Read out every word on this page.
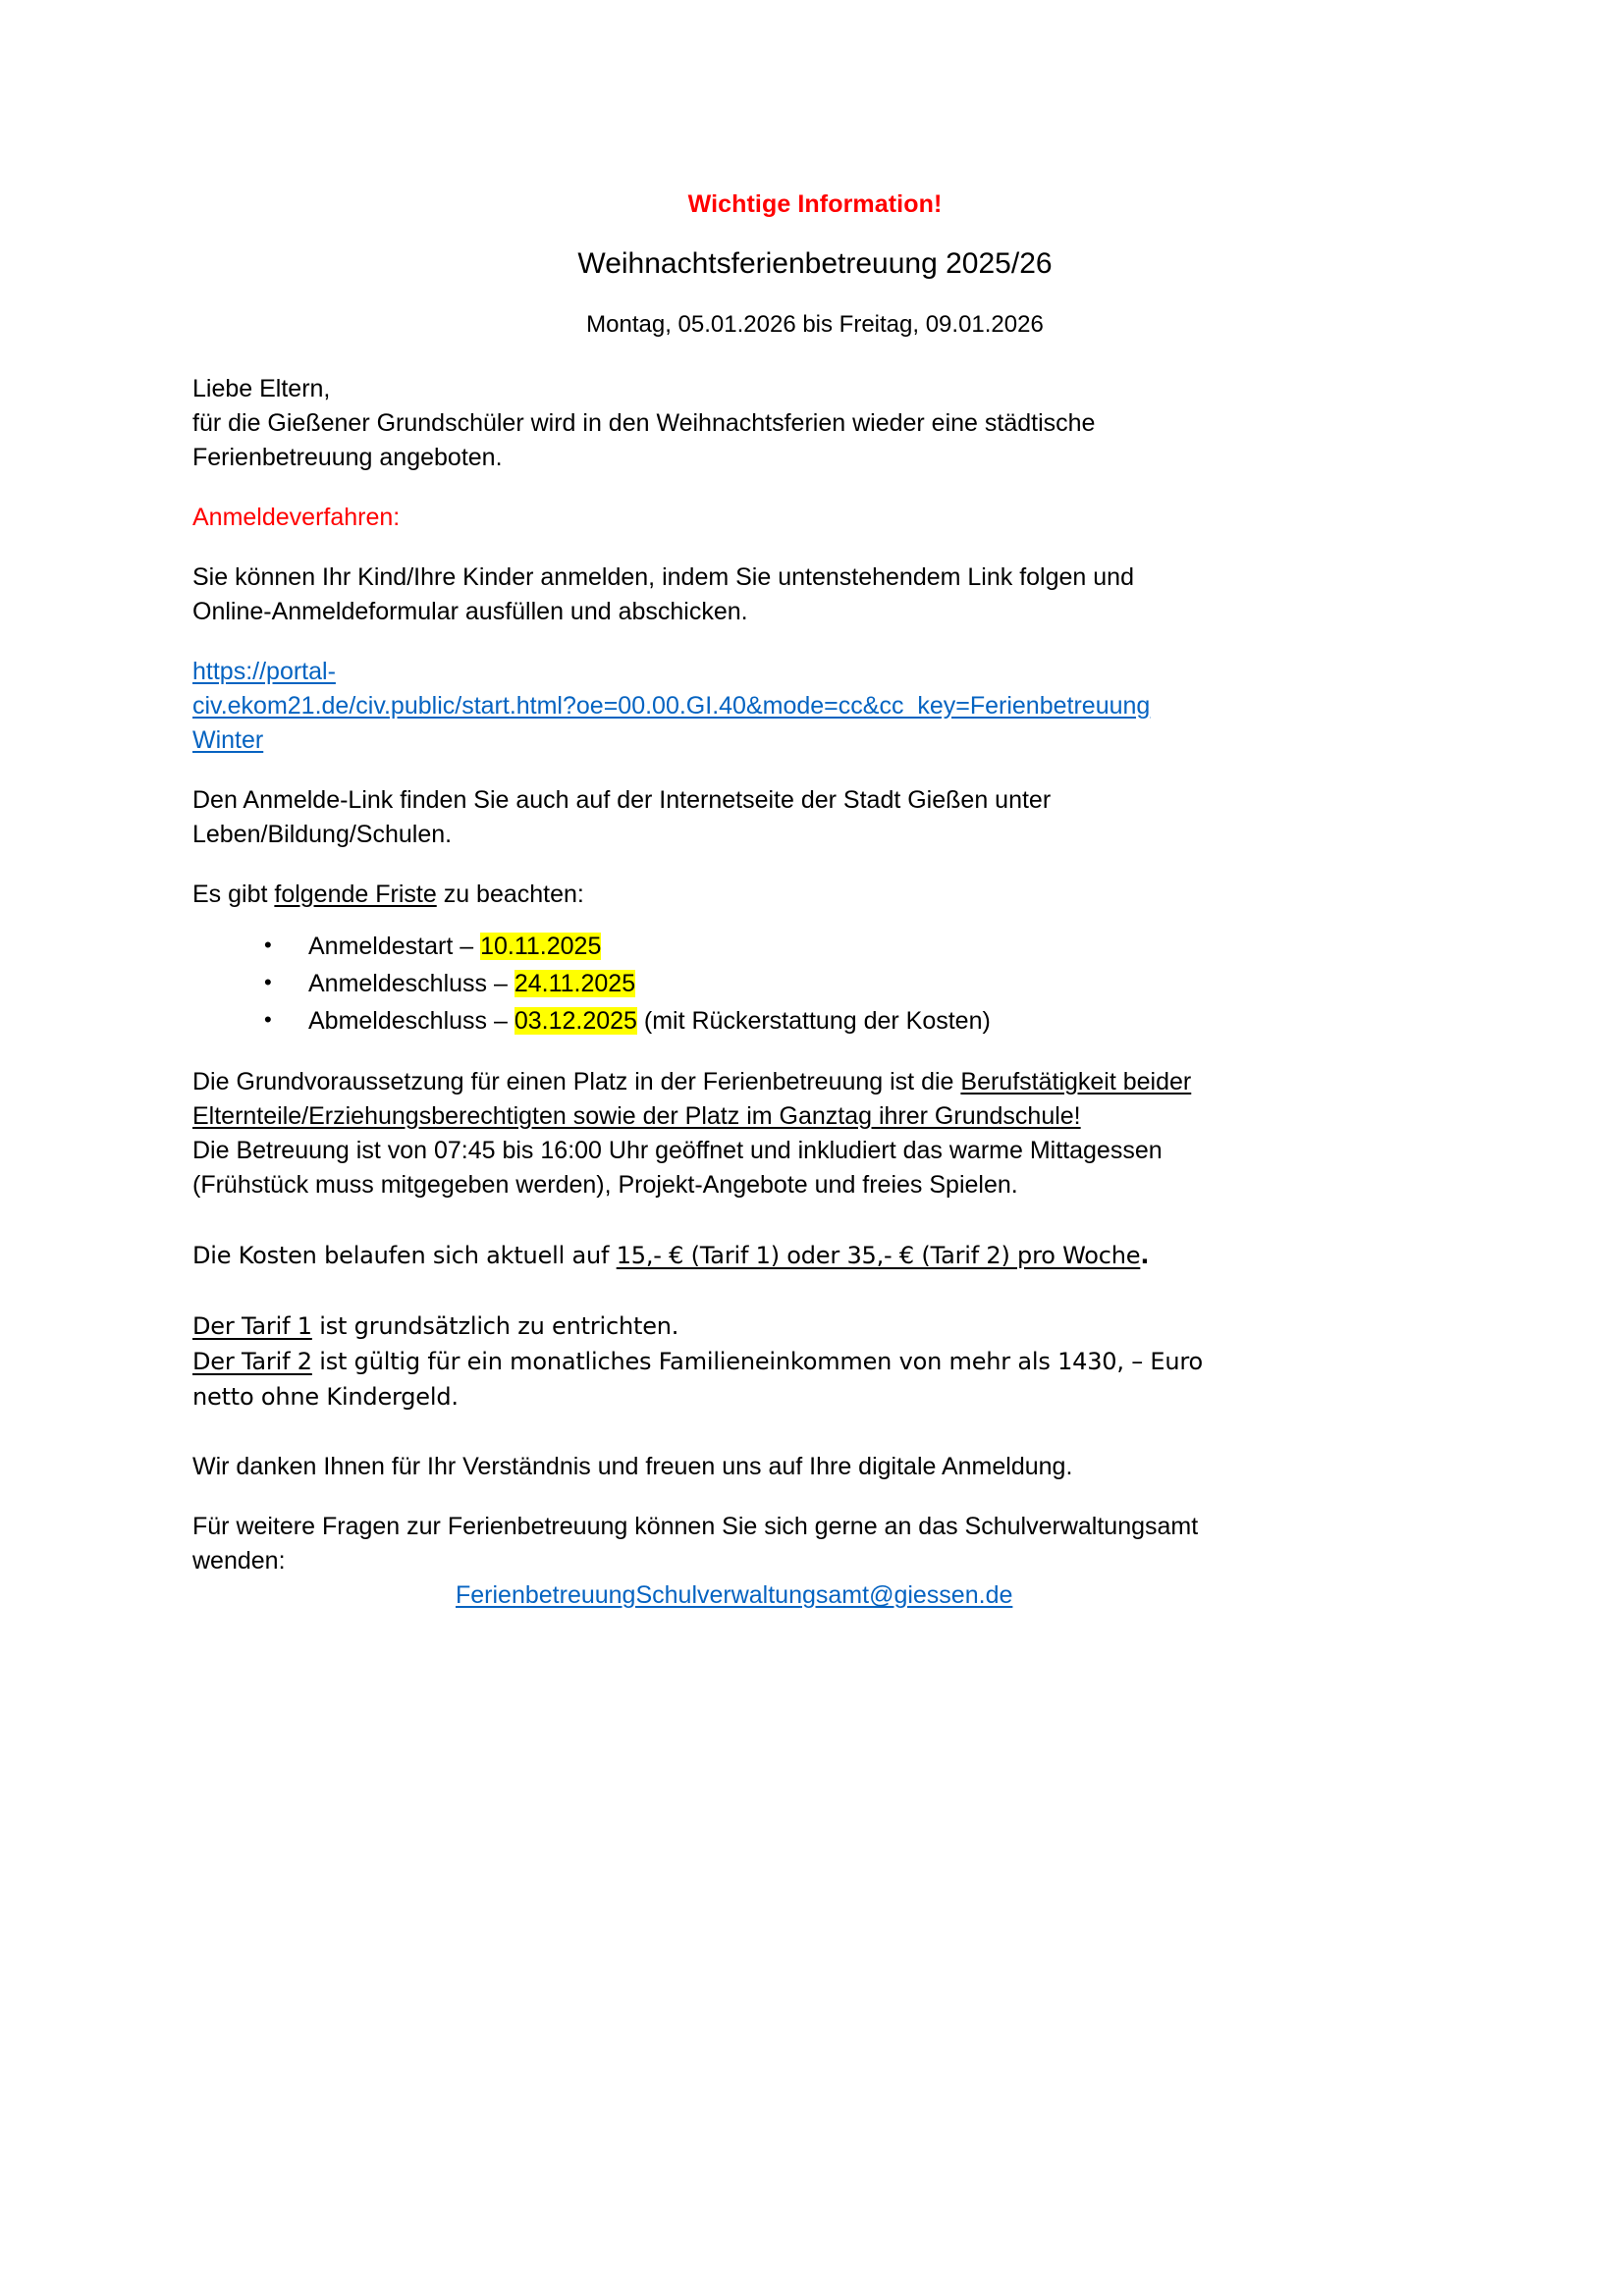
Wichtige Information!
Weihnachtsferienbetreuung 2025/26
Montag, 05.01.2026 bis Freitag, 09.01.2026

Liebe Eltern,

für die Gießener Grundschüler wird in den Weihnachtsferien wieder eine städtische

Ferienbetreuung angeboten.

Anmeldeverfahren:

Sie können Ihr Kind/Ihre Kinder anmelden, indem Sie untenstehendem Link folgen und

Online-Anmeldeformular ausfüllen und abschicken.

https://portal-
civ.ekom21.de/civ.public/start.html?oe=00.00.GI.40&mode=cc&cc_key=Ferienbetreuung
Winter

Den Anmelde-Link finden Sie auch auf der Internetseite der Stadt Gießen unter

Leben/Bildung/Schulen.

Es gibt folgende Friste zu beachten:

• Anmeldestart – 10.11.2025
• Anmeldeschluss – 24.11.2025
• Abmeldeschluss – 03.12.2025 (mit Rückerstattung der Kosten)

Die Grundvoraussetzung für einen Platz in der Ferienbetreuung ist die Berufstätigkeit beider

Elternteile/Erziehungsberechtigten sowie der Platz im Ganztag ihrer Grundschule!

Die Betreuung ist von 07:45 bis 16:00 Uhr geöffnet und inkludiert das warme Mittagessen

(Frühstück muss mitgegeben werden), Projekt-Angebote und freies Spielen.

Die Kosten belaufen sich aktuell auf 15,- € (Tarif 1) oder 35,- € (Tarif 2) pro Woche.

Der Tarif 1 ist grundsätzlich zu entrichten.

Der Tarif 2 ist gültig für ein monatliches Familieneinkommen von mehr als 1430, – Euro

netto ohne Kindergeld.

Wir danken Ihnen für Ihr Verständnis und freuen uns auf Ihre digitale Anmeldung.

Für weitere Fragen zur Ferienbetreuung können Sie sich gerne an das Schulverwaltungsamt

wenden:

FerienbetreuungSchulverwaltungsamt@giessen.de
